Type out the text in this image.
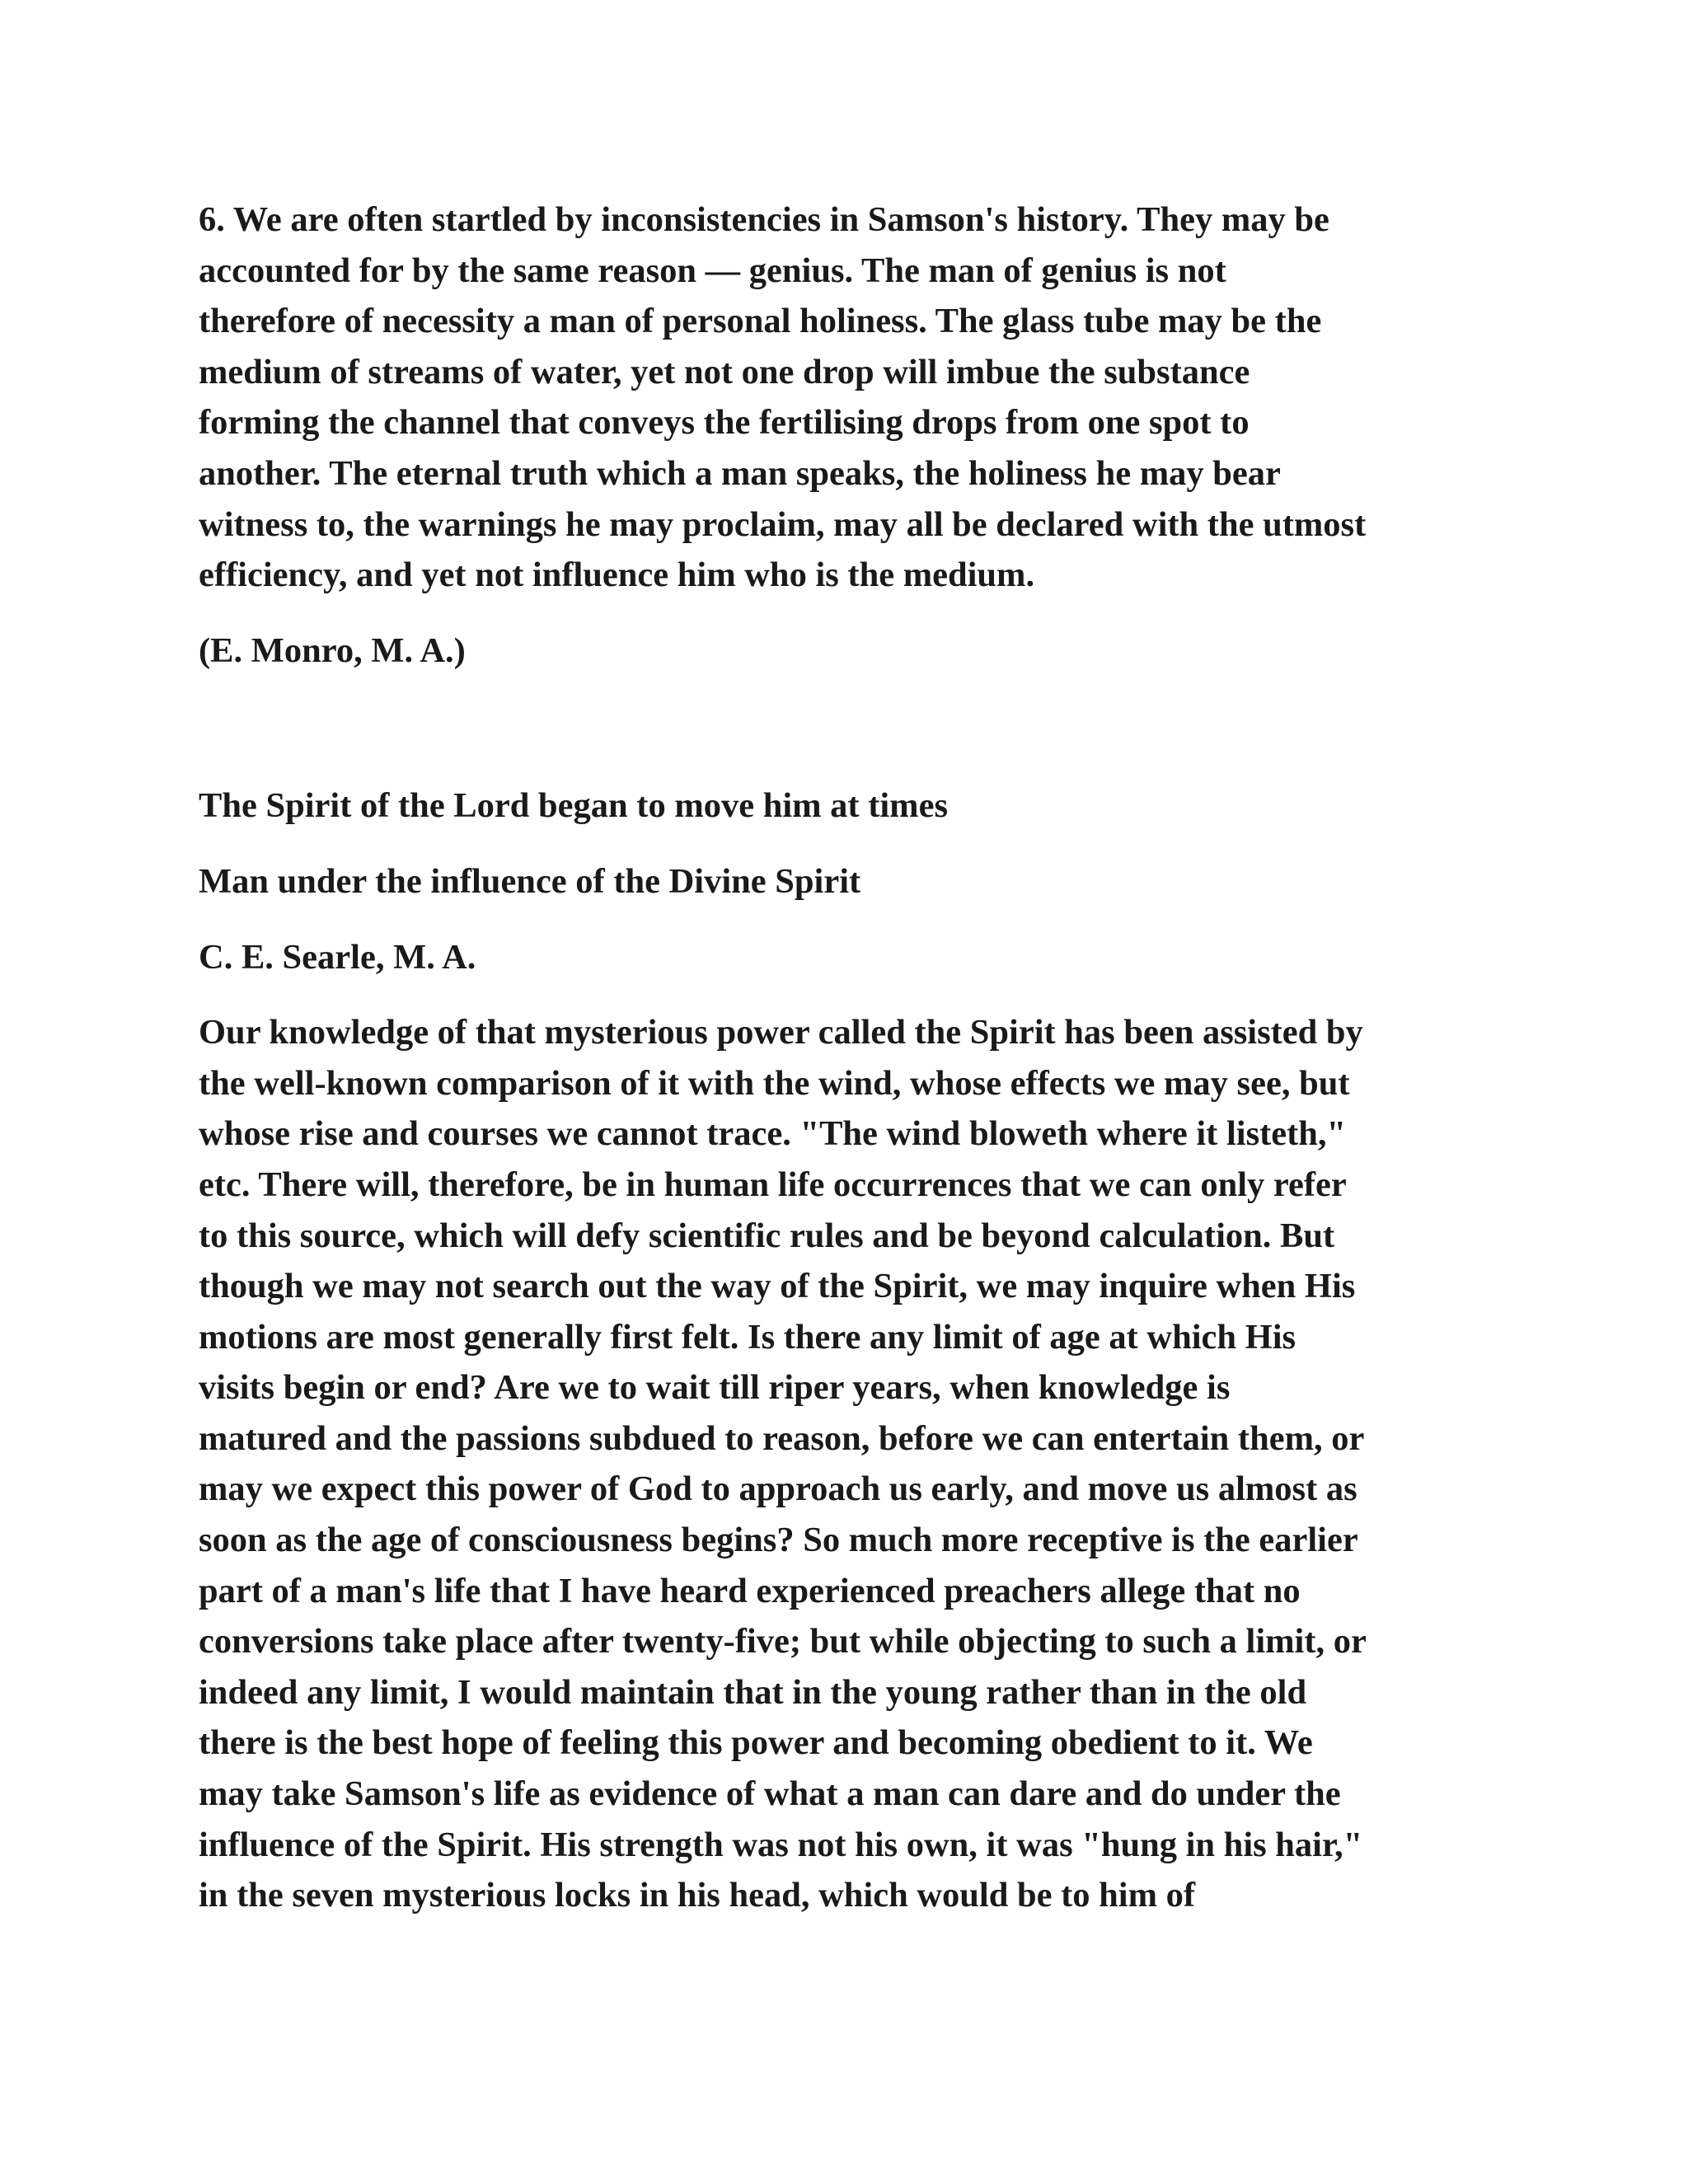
6. We are often startled by inconsistencies in Samson's history. They may be
accounted for by the same reason — genius. The man of genius is not
therefore of necessity a man of personal holiness. The glass tube may be the
medium of streams of water, yet not one drop will imbue the substance
forming the channel that conveys the fertilising drops from one spot to
another. The eternal truth which a man speaks, the holiness he may bear
witness to, the warnings he may proclaim, may all be declared with the utmost
efficiency, and yet not influence him who is the medium.

(E. Monro, M. A.)

The Spirit of the Lord began to move him at times

Man under the influence of the Divine Spirit

C. E. Searle, M. A.

Our knowledge of that mysterious power called the Spirit has been assisted by
the well-known comparison of it with the wind, whose effects we may see, but
whose rise and courses we cannot trace. "The wind bloweth where it listeth,"
etc. There will, therefore, be in human life occurrences that we can only refer
to this source, which will defy scientific rules and be beyond calculation. But
though we may not search out the way of the Spirit, we may inquire when His
motions are most generally first felt. Is there any limit of age at which His
visits begin or end? Are we to wait till riper years, when knowledge is
matured and the passions subdued to reason, before we can entertain them, or
may we expect this power of God to approach us early, and move us almost as
soon as the age of consciousness begins? So much more receptive is the earlier
part of a man's life that I have heard experienced preachers allege that no
conversions take place after twenty-five; but while objecting to such a limit, or
indeed any limit, I would maintain that in the young rather than in the old
there is the best hope of feeling this power and becoming obedient to it. We
may take Samson's life as evidence of what a man can dare and do under the
influence of the Spirit. His strength was not his own, it was "hung in his hair,"
in the seven mysterious locks in his head, which would be to him of
